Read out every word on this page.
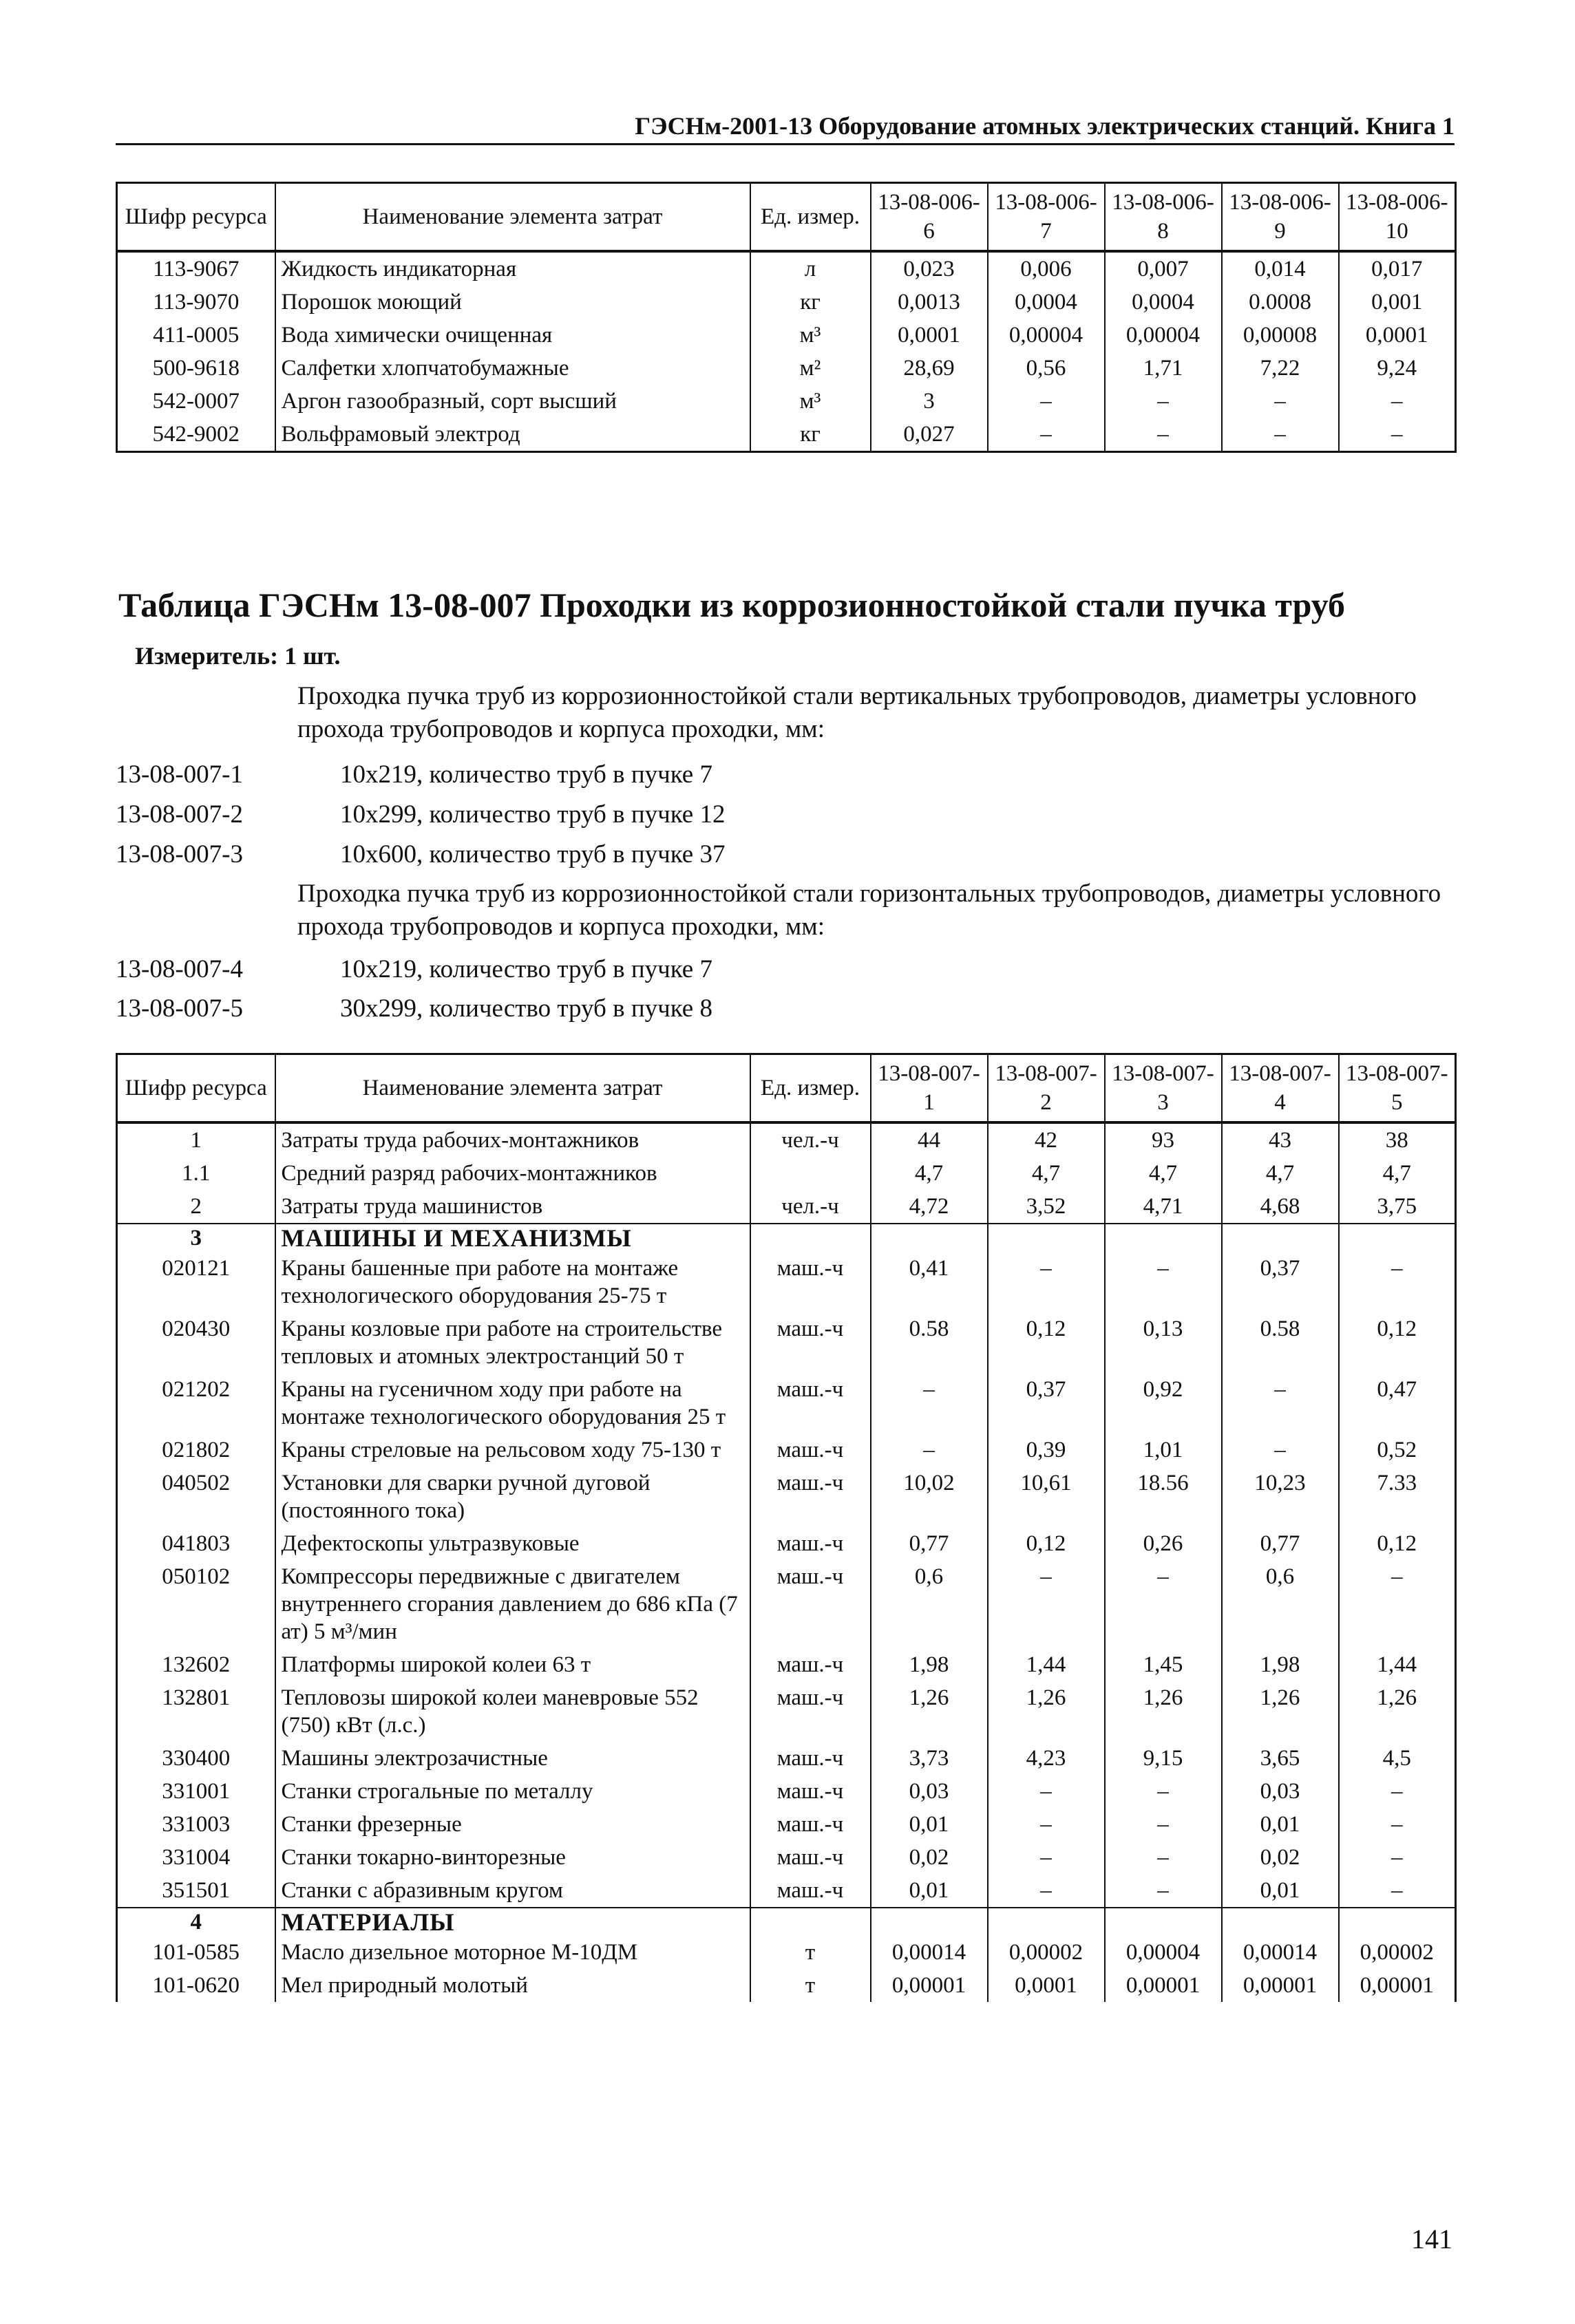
ГЭСНм-2001-13 Оборудование атомных электрических станций. Книга 1
Шифр ресурса	Наименование элемента затрат	Ед. измер.	13-08-006-6	13-08-006-7	13-08-006-8	13-08-006-9	13-08-006-10
113-9067	Жидкость индикаторная	л	0,023	0,006	0,007	0,014	0,017
113-9070	Порошок моющий	кг	0,0013	0,0004	0,0004	0.0008	0,001
411-0005	Вода химически очищенная	м³	0,0001	0,00004	0,00004	0,00008	0,0001
500-9618	Салфетки хлопчатобумажные	м²	28,69	0,56	1,71	7,22	9,24
542-0007	Аргон газообразный, сорт высший	м³	3	–	–	–	–
542-9002	Вольфрамовый электрод	кг	0,027	–	–	–	–
Таблица ГЭСНм 13-08-007 Проходки из коррозионностойкой стали пучка труб
Измеритель: 1 шт.
Проходка пучка труб из коррозионностойкой стали вертикальных трубопроводов, диаметры условного прохода трубопроводов и корпуса проходки, мм:
13-08-007-1	10х219, количество труб в пучке 7
13-08-007-2	10х299, количество труб в пучке 12
13-08-007-3	10х600, количество труб в пучке 37
Проходка пучка труб из коррозионностойкой стали горизонтальных трубопроводов, диаметры условного прохода трубопроводов и корпуса проходки, мм:
13-08-007-4	10х219, количество труб в пучке 7
13-08-007-5	30х299, количество труб в пучке 8
Шифр ресурса	Наименование элемента затрат	Ед. измер.	13-08-007-1	13-08-007-2	13-08-007-3	13-08-007-4	13-08-007-5
1	Затраты труда рабочих-монтажников	чел.-ч	44	42	93	43	38
1.1	Средний разряд рабочих-монтажников		4,7	4,7	4,7	4,7	4,7
2	Затраты труда машинистов	чел.-ч	4,72	3,52	4,71	4,68	3,75
3	МАШИНЫ И МЕХАНИЗМЫ						
020121	Краны башенные при работе на монтаже технологического оборудования 25-75 т	маш.-ч	0,41	–	–	0,37	–
020430	Краны козловые при работе на строительстве тепловых и атомных электростанций 50 т	маш.-ч	0.58	0,12	0,13	0.58	0,12
021202	Краны на гусеничном ходу при работе на монтаже технологического оборудования 25 т	маш.-ч	–	0,37	0,92	–	0,47
021802	Краны стреловые на рельсовом ходу 75-130 т	маш.-ч	–	0,39	1,01	–	0,52
040502	Установки для сварки ручной дуговой (постоянного тока)	маш.-ч	10,02	10,61	18.56	10,23	7.33
041803	Дефектоскопы ультразвуковые	маш.-ч	0,77	0,12	0,26	0,77	0,12
050102	Компрессоры передвижные с двигателем внутреннего сгорания давлением до 686 кПа (7 ат) 5 м³/мин	маш.-ч	0,6	–	–	0,6	–
132602	Платформы широкой колеи 63 т	маш.-ч	1,98	1,44	1,45	1,98	1,44
132801	Тепловозы широкой колеи маневровые 552 (750) кВт (л.с.)	маш.-ч	1,26	1,26	1,26	1,26	1,26
330400	Машины электрозачистные	маш.-ч	3,73	4,23	9,15	3,65	4,5
331001	Станки строгальные по металлу	маш.-ч	0,03	–	–	0,03	–
331003	Станки фрезерные	маш.-ч	0,01	–	–	0,01	–
331004	Станки токарно-винторезные	маш.-ч	0,02	–	–	0,02	–
351501	Станки с абразивным кругом	маш.-ч	0,01	–	–	0,01	–
4	МАТЕРИАЛЫ						
101-0585	Масло дизельное моторное М-10ДМ	т	0,00014	0,00002	0,00004	0,00014	0,00002
101-0620	Мел природный молотый	т	0,00001	0,0001	0,00001	0,00001	0,00001
141
